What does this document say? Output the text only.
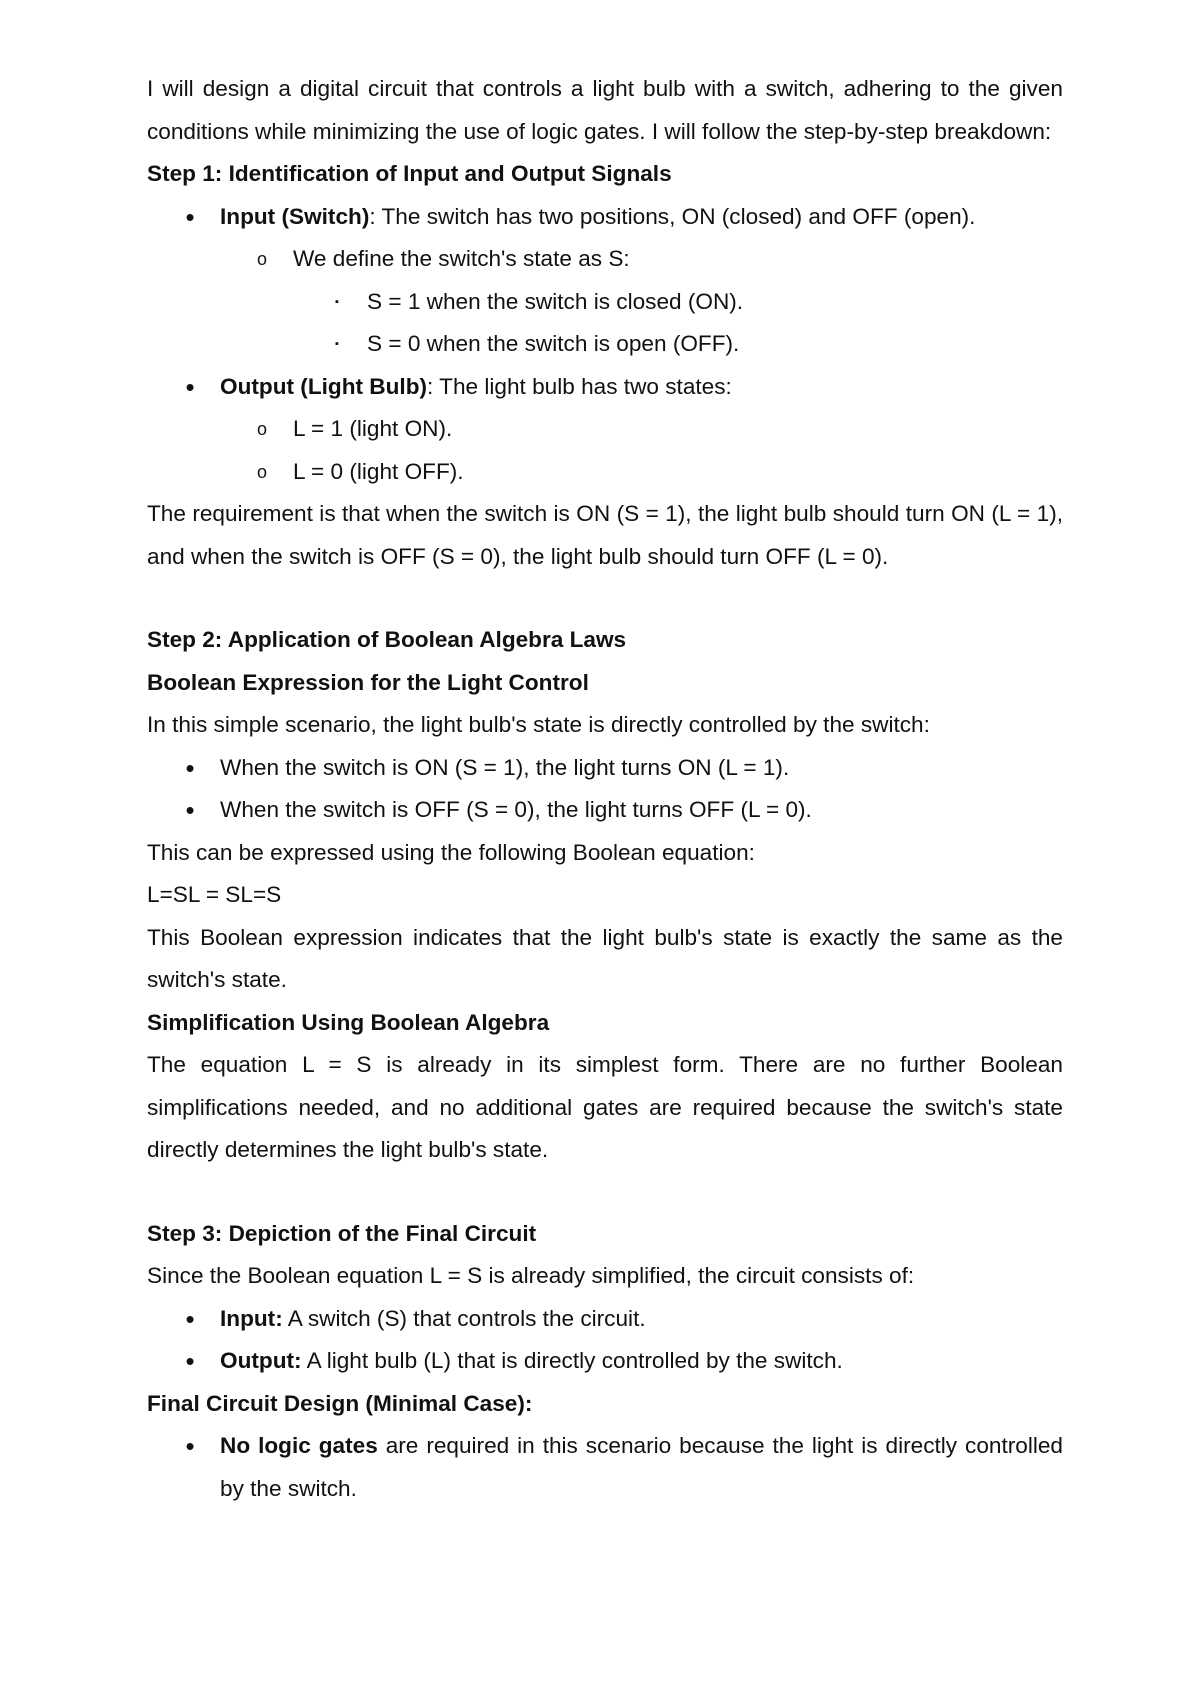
I will design a digital circuit that controls a light bulb with a switch, adhering to the given conditions while minimizing the use of logic gates. I will follow the step-by-step breakdown:

Step 1: Identification of Input and Output Signals

• Input (Switch): The switch has two positions, ON (closed) and OFF (open).
o We define the switch's state as S:
▪	S = 1 when the switch is closed (ON).
▪	S = 0 when the switch is open (OFF).
• Output (Light Bulb): The light bulb has two states:
o L = 1 (light ON).
o L = 0 (light OFF).

The requirement is that when the switch is ON (S = 1), the light bulb should turn ON (L = 1), and when the switch is OFF (S = 0), the light bulb should turn OFF (L = 0).

Step 2: Application of Boolean Algebra Laws

Boolean Expression for the Light Control

In this simple scenario, the light bulb's state is directly controlled by the switch:

• When the switch is ON (S = 1), the light turns ON (L = 1).
• When the switch is OFF (S = 0), the light turns OFF (L = 0).

This can be expressed using the following Boolean equation:

L=SL = SL=S

This Boolean expression indicates that the light bulb's state is exactly the same as the switch's state.

Simplification Using Boolean Algebra

The equation L = S is already in its simplest form. There are no further Boolean simplifications needed, and no additional gates are required because the switch's state directly determines the light bulb's state.

Step 3: Depiction of the Final Circuit

Since the Boolean equation L = S is already simplified, the circuit consists of:

• Input: A switch (S) that controls the circuit.
• Output: A light bulb (L) that is directly controlled by the switch.

Final Circuit Design (Minimal Case):

• No logic gates are required in this scenario because the light is directly controlled by the switch.
